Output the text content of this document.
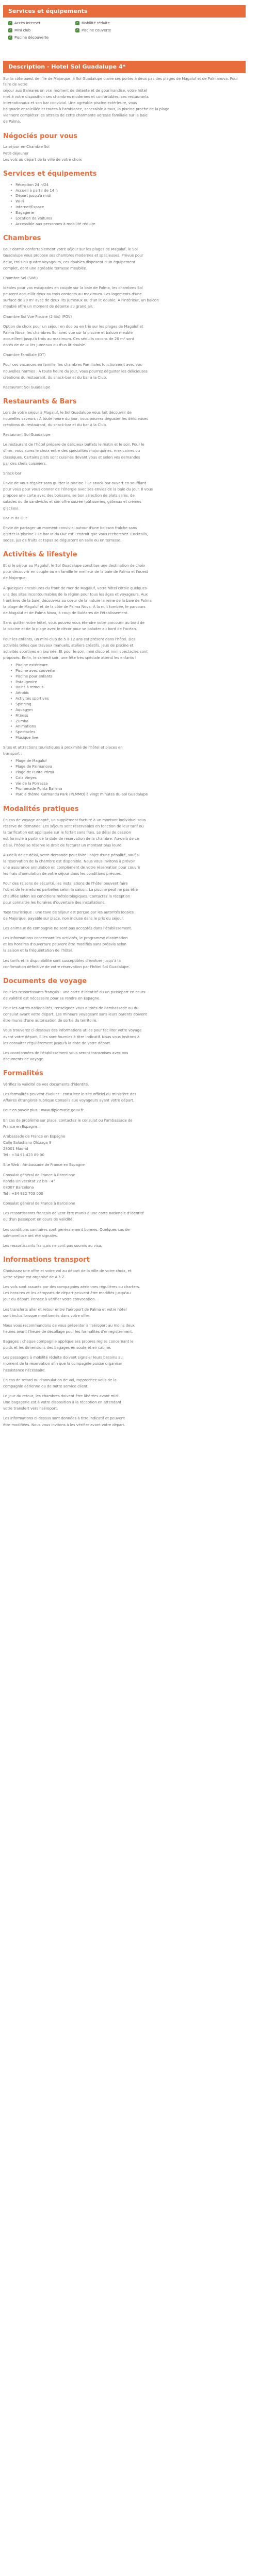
Services et équipements
✓ Accès internet	✓ Mobilité réduite
✓ Mini club	✓ Piscine couverte
✓ Piscine découverte
Description - Hotel Sol Guadalupe 4*

Sur la côte ouest de l'île de Majorque, à Sol Guadalupe ouvre ses portes à deux pas des plages de Magaluf et de Palmanova. Pour faire de votre

séjour aux Baléares un vrai moment de détente et de gourmandise, votre hôtel

met à votre disposition ses chambres modernes et confortables, ses restaurants

internationaux et son bar convivial. Une agréable piscine extérieure, vous

baignade ensoleillée et toutes à l'ambiance, accessible à tous, la piscine proche de la plage

viennent compléter les attraits de cette charmante adresse familiale sur la baie

de Palma.

Négociés pour vous

La séjour en Chambre Sol

Petit-déjeuner

Les vols au départ de la ville de votre choix

Services et équipements
• Réception 24 h/24
• Accueil à partir de 14 h
• Départ jusqu'à midi
• Wi-Fi
• Internet/Espace
• Bagagerie
• Location de voitures
• Accessible aux personnes à mobilité réduite
Chambres

Pour dormir confortablement votre séjour sur les plages de Magaluf, le Sol

Guadalupe vous propose ses chambres modernes et spacieuses. Prévue pour

deux, trois ou quatre voyageurs, ces doubles disposent d'un équipement

complet, dont une agréable terrasse meublée.

Chambre Sol (SIMI)

Idéales pour vos escapades en couple sur la baie de Palma, les chambres Sol

peuvent accueillir deux ou trois contents au maximum. Les logements d'une

surface de 20 m² avec de deux lits jumeaux ou d'un lit double. À l'intérieur, un balcon

meublé offre un moment de détente au grand air.

Chambre Sol Vue Piscine (2 lits) (POV)

Option de choix pour un séjour en duo ou en trio sur les plages de Magaluf et

Palma Nova, les chambres Sol avec vue sur la piscine et balcon meublé

accueillent jusqu'à trois au maximum. Ces séduits cocons de 20 m² sont

dotés de deux lits jumeaux ou d'un lit double.

Chambre Familiale (DT)

Pour ces vacances en famille, les chambres Familiales fonctionnent avec vos

nouvelles normes : À toute heure du jour, vous pourrez déguster les délicieuses

créations du restaurant, du snack-bar et du bar à la Club.

Restaurant Sol Guadalupe

Restaurants & Bars

Lors de votre séjour à Magaluf, le Sol Guadalupe vous fait découvrir de

nouvelles saveurs : À toute heure du jour, vous pourrez déguster les délicieuses

créations du restaurant, du snack-bar et du bar à la Club.

Restaurant Sol Guadalupe

Le restaurant de l'hôtel prépare de délicieux buffets le matin et le soir. Pour le

dîner, vous aurez le choix entre des spécialités majorquines, mexicaines ou

classiques. Certains plats sont cuisinés devant vous et selon vos demandes

par des chefs cuisiniers.

Snack-bar

Envie de vous régaler sans quitter la piscine ? Le snack-bar ouvert en soufflant

pour vous pour vous donner de l'énergie avec ses envies de la baie du jour. Il vous

propose une carte avec des boissons, se bon sélection de plats salés, de

salades ou de sandwichs et son offre sucrée (pâtisseries, gâteaux et crèmes

glacées).

Bar in da Out

Envie de partager un moment convivial autour d'une boisson fraîche sans

quitter la piscine ? Le bar In da Out est l'endroit que vous recherchez. Cocktails,

sodas, jus de fruits et tapas se dégustent en salle ou en terrasse.

Activités & lifestyle

Et si le séjour au Magaluf, le Sol Guadalupe constitue une destination de choix

pour découvrir en couple ou en famille le meilleur de la baie de Palma et l'ouest

de Majorque.

À quelques encablures du front de mer de Magaluf, votre hôtel côtoie quelques-

uns des sites incontournables de la région pour tous les âges et voyageurs. Aux

frontières de la baie, découvrez au coeur de la nature la reine de la baie de Palma

la plage de Magaluf et de la côte de Palma Nova. À la nuit tombée, le parcours

de Magaluf et de Palma Nova, à coup de Baléares de l'établissement.

Sans quitter votre hôtel, vous pouvez vous étendre votre parcourir au bord de

la piscine et de la plage avec le décor pour se balader au bord de l'océan.

Pour les enfants, un mini-club de 5 à 12 ans est présent dans l'hôtel. Des

activités telles que travaux manuels, ateliers créatifs, jeux de piscine et

activités sportives en journée. Et pour le soir, mini disco et mini spectacles sont

proposés. Enfin, le samedi soir, une fête très spéciale attend les enfants !

• Piscine extérieure
• Piscine avec couverte
• Piscine pour enfants
• Pataugeoire
• Bains à remous
• Aérobic
• Activités sportives
• Spinning
• Aquagym
• Fitness
• Zumba
• Animations
• Spectacles
• Musique live

Sites et attractions touristiques à proximité de l'hôtel et places en

transport :

• Plage de Magaluf
• Plage de Palmanova
• Plage de Punta Prima
• Cala Vinyes
• Vie de la Porrassa
• Promenade Punta Ballena
• Parc à thème Katmandu Park (PLMMO) à vingt minutes du Sol Guadalupe
Modalités pratiques

En cas de voyage adapté, un supplément facturé à un montant individuel sous

réserve de demande. Les séjours sont réservables en fonction de leur tarif ou

la tarification est appliquée sur le forfait sans frais. Le délai de cession

est formulé à partir de la date de réservation de la chambre. Au-delà de ce

délai, l'hôtel se réserve le droit de facturer un montant plus lourd.

Au-delà de ce délai, votre demande peut faire l'objet d'une pénalité, sauf si

la réservation de la chambre est disponible. Nous vous invitons à prévoir

une assurance annulation en complément de votre réservation pour couvrir

les frais d'annulation de votre séjour dans les conditions prévues.

Pour des raisons de sécurité, les installations de l'hôtel peuvent faire

l'objet de fermetures partielles selon la saison. La piscine peut ne pas être

chauffée selon les conditions météorologiques. Contactez la réception

pour connaître les horaires d'ouverture des installations.

Taxe touristique : une taxe de séjour est perçue par les autorités locales

de Majorque, payable sur place, non incluse dans le prix du séjour.

Les animaux de compagnie ne sont pas acceptés dans l'établissement.

Les informations concernant les activités, le programme d'animation

et les horaires d'ouverture peuvent être modifiés sans préavis selon

la saison et la fréquentation de l'hôtel.

Les tarifs et la disponibilité sont susceptibles d'évoluer jusqu'à la

confirmation définitive de votre réservation par l'hôtel Sol Guadalupe.

Documents de voyage

Pour les ressortissants français : une carte d'identité ou un passeport en cours

de validité est nécessaire pour se rendre en Espagne.

Pour les autres nationalités, renseignez-vous auprès de l'ambassade ou du

consulat avant votre départ. Les mineurs voyageant sans leurs parents doivent

être munis d'une autorisation de sortie du territoire.

Vous trouverez ci-dessous des informations utiles pour faciliter votre voyage

avant votre départ. Elles sont fournies à titre indicatif. Nous vous invitons à

les consulter régulièrement jusqu'à la date de votre départ.

Les coordonnées de l'établissement vous seront transmises avec vos

documents de voyage.

Formalités

Vérifiez la validité de vos documents d'identité.

Les formalités peuvent évoluer : consultez le site officiel du ministère des

Affaires étrangères rubrique Conseils aux voyageurs avant votre départ.

Pour en savoir plus : www.diplomatie.gouv.fr

En cas de problème sur place, contactez le consulat ou l'ambassade de

France en Espagne.

Ambassade de France en Espagne

Calle Salustiano Olózaga 9

28001 Madrid

Tél : +34 91 423 89 00

Site Web : Ambassade de France en Espagne

Consulat général de France à Barcelone

Ronda Universitat 22 bis - 4°

08007 Barcelona

Tél : +34 932 703 000

Consulat général de France à Barcelone

Les ressortissants français doivent être munis d'une carte nationale d'identité

ou d'un passeport en cours de validité.

Les conditions sanitaires sont généralement bonnes. Quelques cas de

salmonellose ont été signalés.

Les ressortissants français ne sont pas soumis au visa.

Informations transport

Choisissez une offre et votre vol au départ de la ville de votre choix, et

votre séjour est organisé de A à Z.

Les vols sont assurés par des compagnies aériennes régulières ou charters.

Les horaires et les aéroports de départ peuvent être modifiés jusqu'au

jour du départ. Pensez à vérifier votre convocation.

Les transferts aller et retour entre l'aéroport de Palma et votre hôtel

sont inclus lorsque mentionnés dans votre offre.

Nous vous recommandons de vous présenter à l'aéroport au moins deux

heures avant l'heure de décollage pour les formalités d'enregistrement.

Bagages : chaque compagnie applique ses propres règles concernant le

poids et les dimensions des bagages en soute et en cabine.

Les passagers à mobilité réduite doivent signaler leurs besoins au

moment de la réservation afin que la compagnie puisse organiser

l'assistance nécessaire.

En cas de retard ou d'annulation de vol, rapprochez-vous de la

compagnie aérienne ou de notre service client.

Le jour du retour, les chambres doivent être libérées avant midi.

Une bagagerie est à votre disposition à la réception en attendant

votre transfert vers l'aéroport.

Les informations ci-dessus sont données à titre indicatif et peuvent

être modifiées. Nous vous invitons à les vérifier avant votre départ.
